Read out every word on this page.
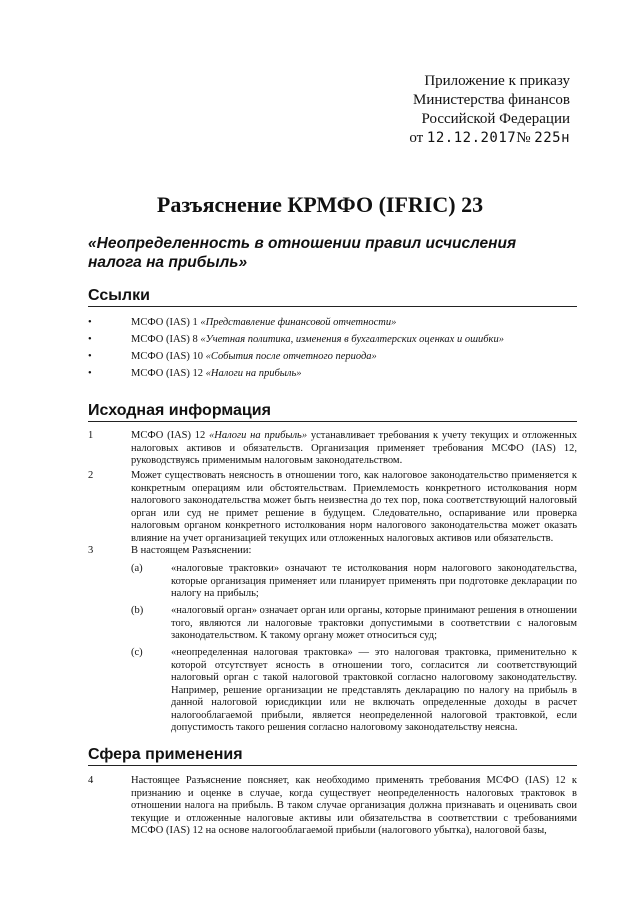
Приложение к приказу
Министерства финансов
Российской Федерации
от 12.12.2017№ 225н
Разъяснение КРМФО (IFRIC) 23
«Неопределенность в отношении правил исчисления налога на прибыль»
Ссылки
•	МСФО (IAS) 1 «Представление финансовой отчетности»
•	МСФО (IAS) 8 «Учетная политика, изменения в бухгалтерских оценках и ошибки»
•	МСФО (IAS) 10 «События после отчетного периода»
•	МСФО (IAS) 12 «Налоги на прибыль»
Исходная информация
1	МСФО (IAS) 12 «Налоги на прибыль» устанавливает требования к учету текущих и отложенных налоговых активов и обязательств. Организация применяет требования МСФО (IAS) 12, руководствуясь применимым налоговым законодательством.
2	Может существовать неясность в отношении того, как налоговое законодательство применяется к конкретным операциям или обстоятельствам. Приемлемость конкретного истолкования норм налогового законодательства может быть неизвестна до тех пор, пока соответствующий налоговый орган или суд не примет решение в будущем. Следовательно, оспаривание или проверка налоговым органом конкретного истолкования норм налогового законодательства может оказать влияние на учет организацией текущих или отложенных налоговых активов или обязательств.
3	В настоящем Разъяснении:
(a)	«налоговые трактовки» означают те истолкования норм налогового законодательства, которые организация применяет или планирует применять при подготовке декларации по налогу на прибыль;
(b)	«налоговый орган» означает орган или органы, которые принимают решения в отношении того, являются ли налоговые трактовки допустимыми в соответствии с налоговым законодательством. К такому органу может относиться суд;
(c)	«неопределенная налоговая трактовка» — это налоговая трактовка, применительно к которой отсутствует ясность в отношении того, согласится ли соответствующий налоговый орган с такой налоговой трактовкой согласно налоговому законодательству. Например, решение организации не представлять декларацию по налогу на прибыль в данной налоговой юрисдикции или не включать определенные доходы в расчет налогооблагаемой прибыли, является неопределенной налоговой трактовкой, если допустимость такого решения согласно налоговому законодательству неясна.
Сфера применения
4	Настоящее Разъяснение поясняет, как необходимо применять требования МСФО (IAS) 12 к признанию и оценке в случае, когда существует неопределенность налоговых трактовок в отношении налога на прибыль. В таком случае организация должна признавать и оценивать свои текущие и отложенные налоговые активы или обязательства в соответствии с требованиями МСФО (IAS) 12 на основе налогооблагаемой прибыли (налогового убытка), налоговой базы,
